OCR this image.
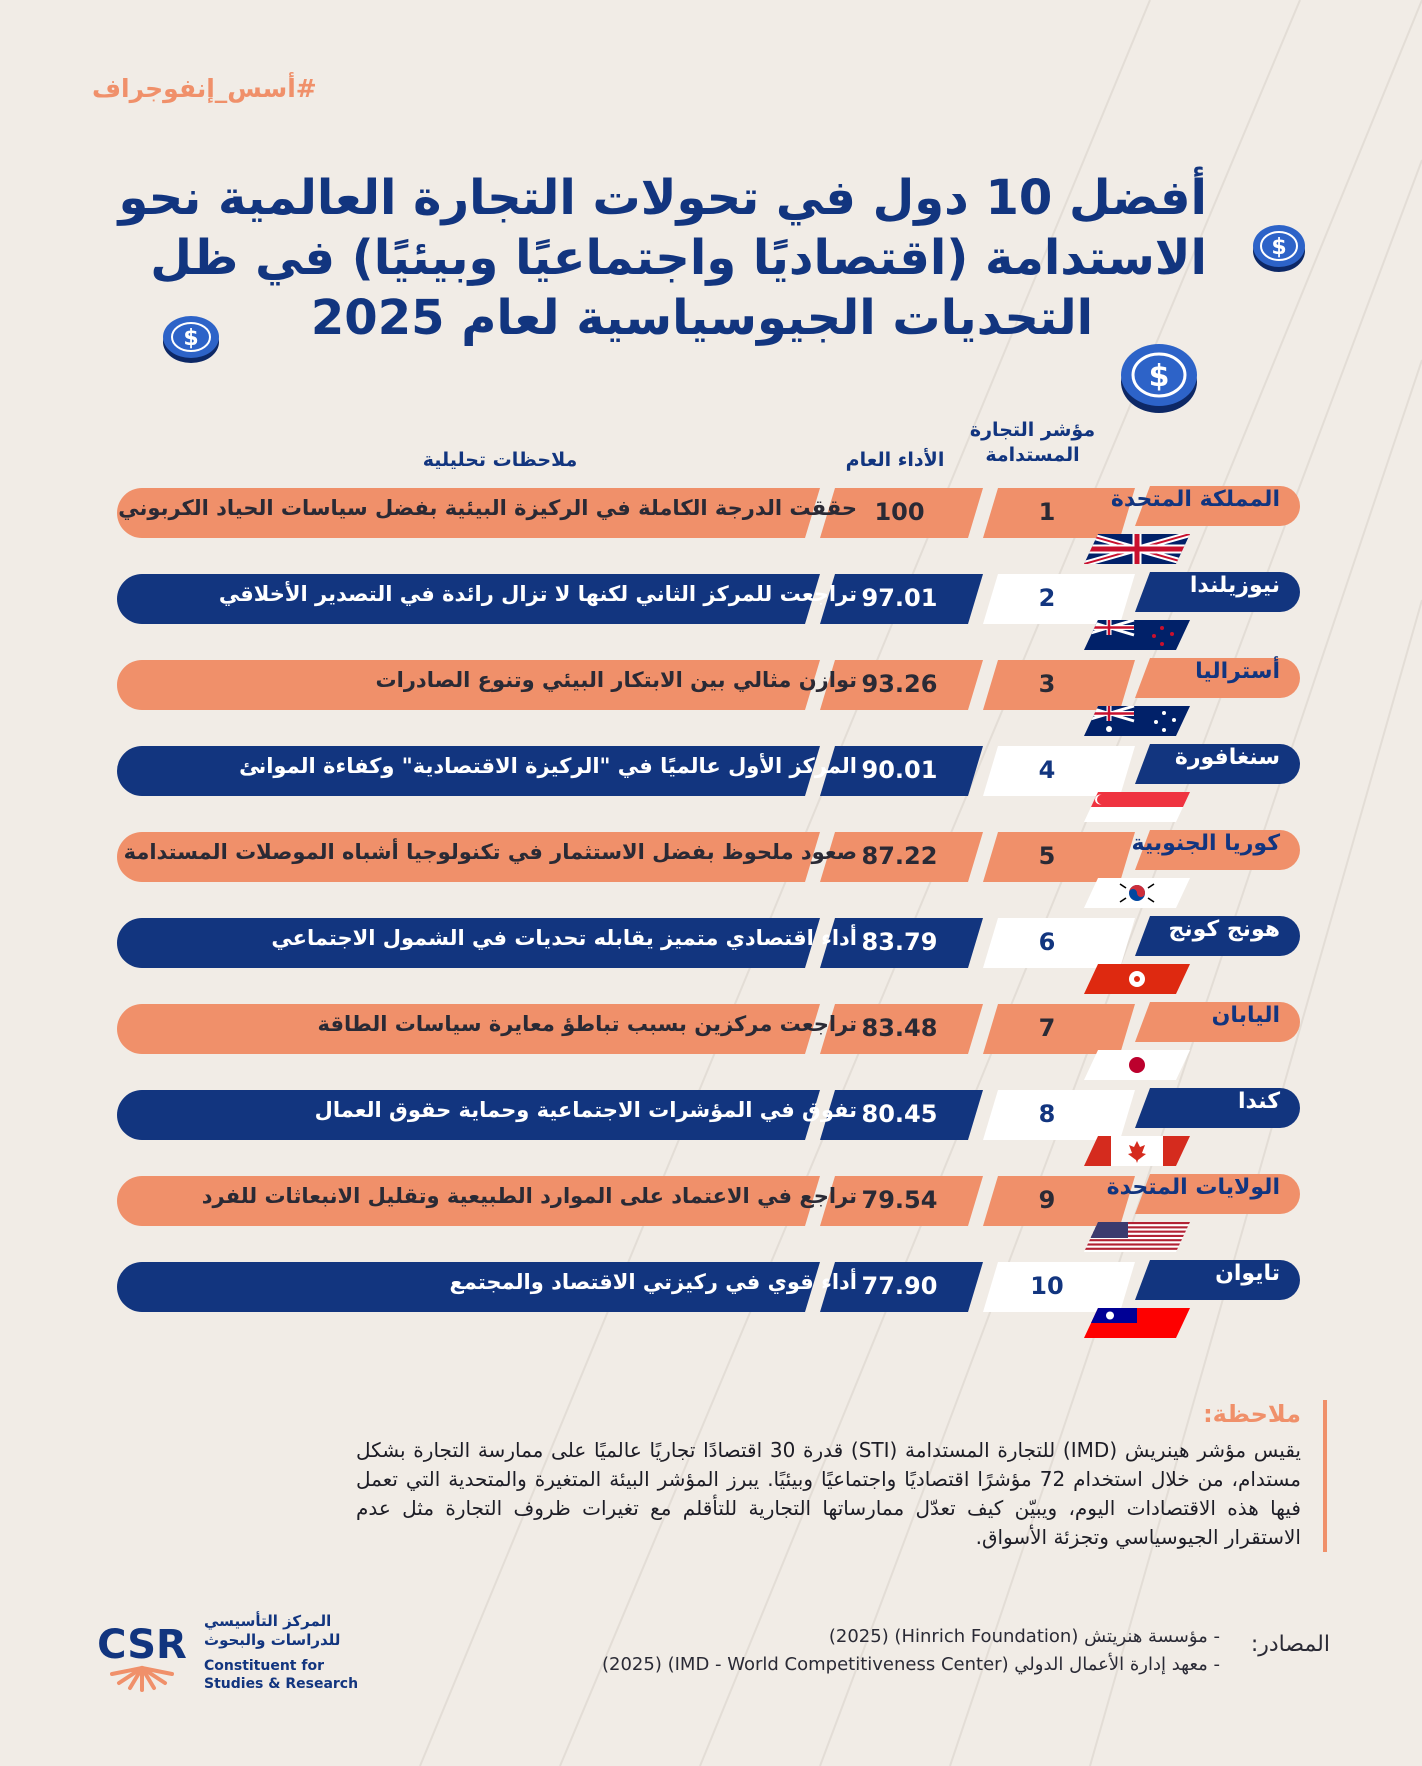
#أسس_إنفوجراف
أفضل 10 دول في تحولات التجارة العالمية نحو
الاستدامة (اقتصاديًا واجتماعيًا وبيئيًا) في ظل
التحديات الجيوسياسية لعام 2025
$
$
$
ملاحظات تحليلية	الأداء العام
مؤشر التجارة
المستدامة
حققت الدرجة الكاملة في الركيزة البيئية بفضل سياسات الحياد الكربوني 100	1	المملكة المتحدة
تراجعت للمركز الثاني لكنها لا تزال رائدة في التصدير الأخلاقي 97.01	2	نيوزيلندا
توازن مثالي بين الابتكار البيئي وتنوع الصادرات 93.26	3	أستراليا
المركز الأول عالميًا في "الركيزة الاقتصادية" وكفاءة الموانئ 90.01	4	سنغافورة
صعود ملحوظ بفضل الاستثمار في تكنولوجيا أشباه الموصلات المستدامة 87.22	5	كوريا الجنوبية
أداء اقتصادي متميز يقابله تحديات في الشمول الاجتماعي 83.79	6	هونج كونج
تراجعت مركزين بسبب تباطؤ معايرة سياسات الطاقة 83.48	7	اليابان
تفوق في المؤشرات الاجتماعية وحماية حقوق العمال 80.45	8	كندا
تراجع في الاعتماد على الموارد الطبيعية وتقليل الانبعاثات للفرد 79.54	9	الولايات المتحدة
أداء قوي في ركيزتي الاقتصاد والمجتمع 77.90	10	تايوان
ملاحظة:
يقيس مؤشر هينريش (IMD) للتجارة المستدامة (STI) قدرة 30 اقتصادًا تجاريًا عالميًا على ممارسة التجارة بشكل مستدام، من خلال استخدام 72 مؤشرًا اقتصاديًا واجتماعيًا وبيئيًا. يبرز المؤشر البيئة المتغيرة والمتحدية التي تعمل فيها هذه الاقتصادات اليوم، ويبيّن كيف تعدّل ممارساتها التجارية للتأقلم مع تغيرات ظروف التجارة مثل عدم الاستقرار الجيوسياسي وتجزئة الأسواق.
المصادر:
- مؤسسة هنريتش (Hinrich Foundation) (2025)
- معهد إدارة الأعمال الدولي (IMD - World Competitiveness Center) (2025)
CSR
المركز التأسيسي
للدراسات والبحوث
Constituent for
Studies & Research
